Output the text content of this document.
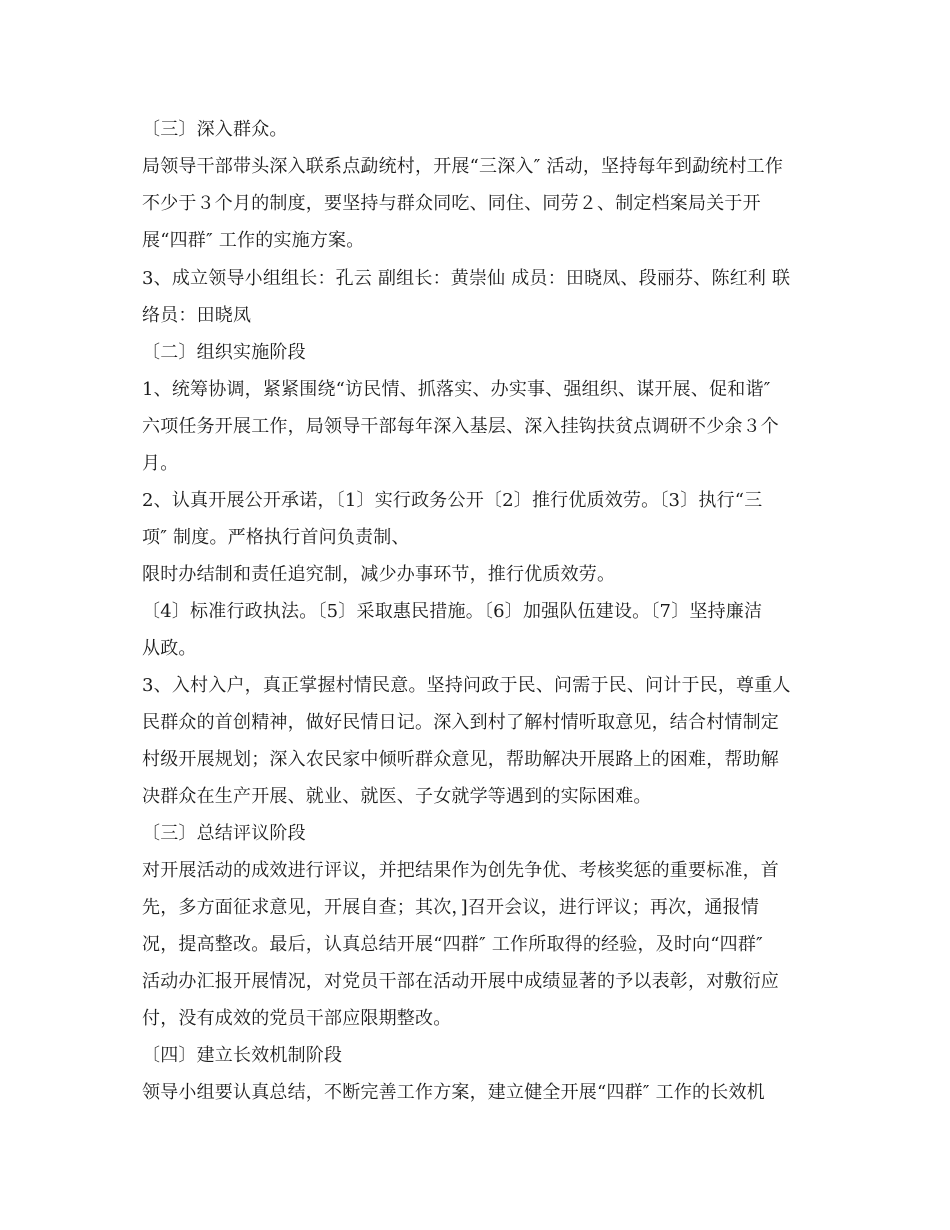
〔三〕深入群众。
局领导干部带头深入联系点勐统村，开展“三深入″ 活动，坚持每年到勐统村工作
不少于３个月的制度，要坚持与群众同吃、同住、同劳２、制定档案局关于开
展“四群″ 工作的实施方案。
3、成立领导小组组长：孔云 副组长：黄崇仙 成员：田晓凤、段丽芬、陈红利 联
络员：田晓凤
〔二〕组织实施阶段
1、统筹协调，紧紧围绕“访民情、抓落实、办实事、强组织、谋开展、促和谐″
六项任务开展工作，局领导干部每年深入基层、深入挂钩扶贫点调研不少余３个
月。
2、认真开展公开承诺，〔1〕实行政务公开〔2〕推行优质效劳。〔3〕执行“三
项″ 制度。严格执行首问负责制、
限时办结制和责任追究制，减少办事环节，推行优质效劳。
〔4〕标准行政执法。〔5〕采取惠民措施。〔6〕加强队伍建设。〔7〕坚持廉洁
从政。
3、入村入户，真正掌握村情民意。坚持问政于民、问需于民、问计于民，尊重人
民群众的首创精神，做好民情日记。深入到村了解村情听取意见，结合村情制定
村级开展规划；深入农民家中倾听群众意见，帮助解决开展路上的困难，帮助解
决群众在生产开展、就业、就医、子女就学等遇到的实际困难。
〔三〕总结评议阶段
对开展活动的成效进行评议，并把结果作为创先争优、考核奖惩的重要标准，首
先，多方面征求意见，开展自查；其次，]召开会议，进行评议；再次，通报情
况，提高整改。最后，认真总结开展“四群″ 工作所取得的经验，及时向“四群″
活动办汇报开展情况，对党员干部在活动开展中成绩显著的予以表彰，对敷衍应
付，没有成效的党员干部应限期整改。
〔四〕建立长效机制阶段
领导小组要认真总结，不断完善工作方案，建立健全开展“四群″ 工作的长效机
